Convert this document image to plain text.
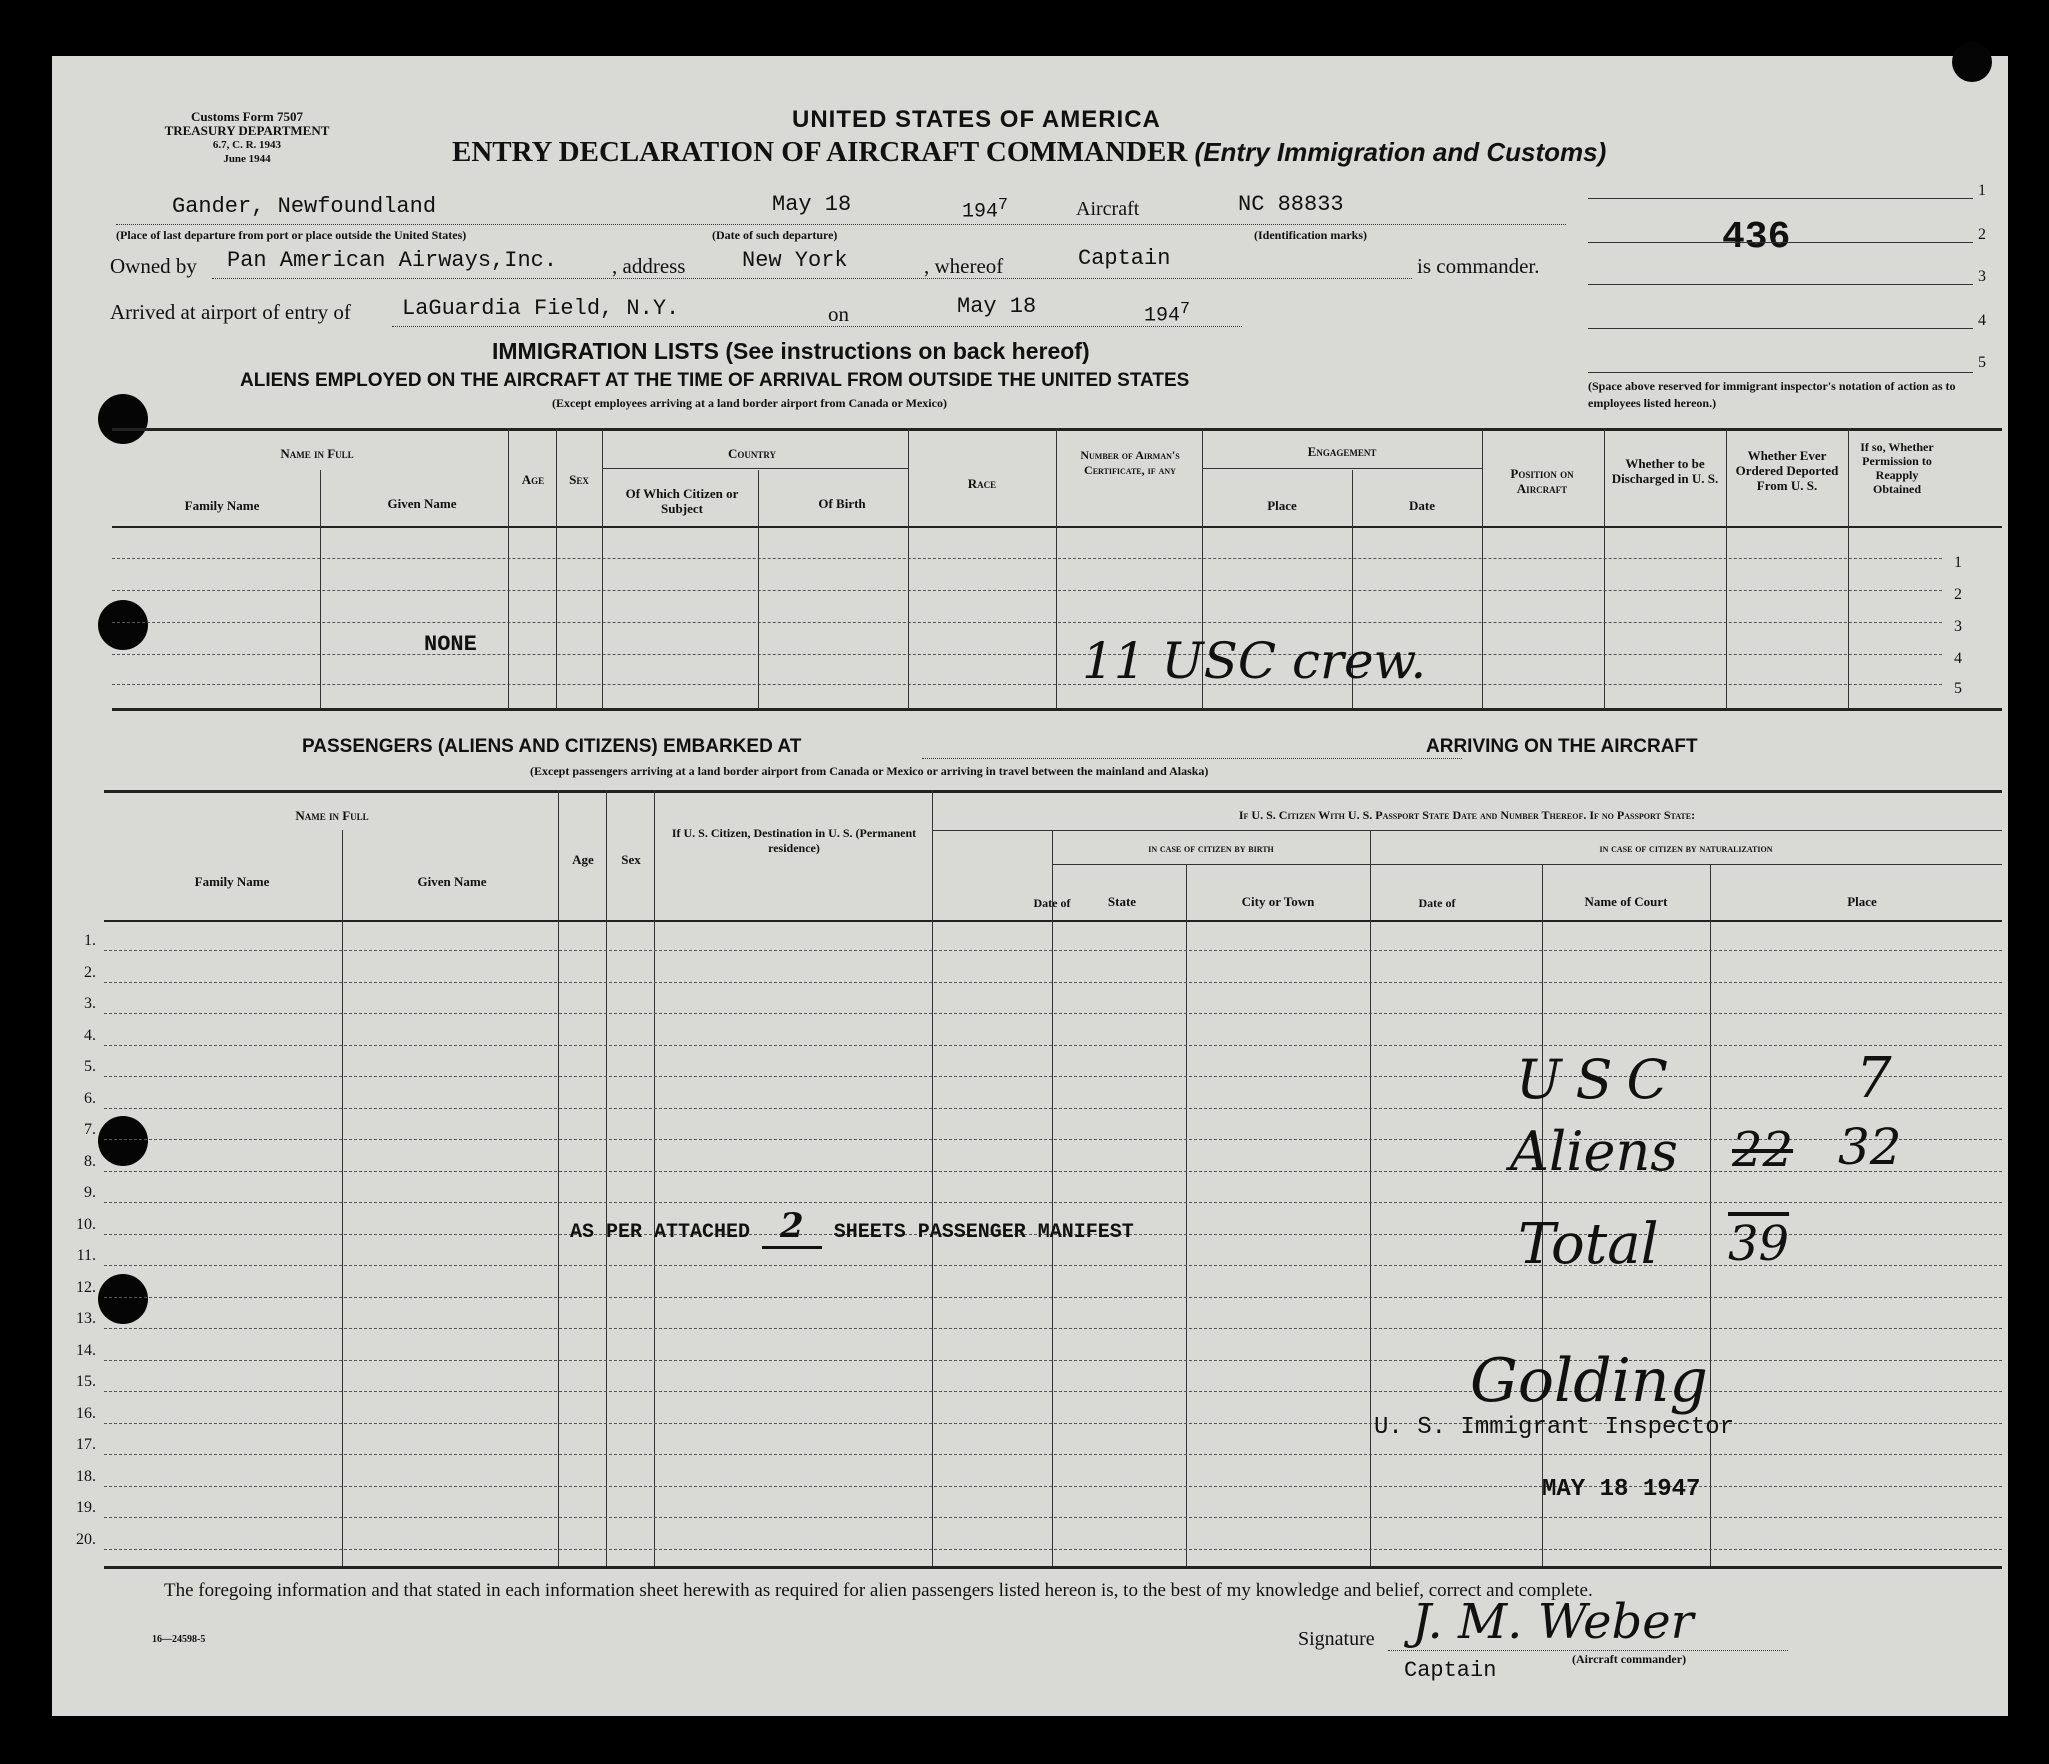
Customs Form 7507
TREASURY DEPARTMENT
6.7, C. R. 1943
June 1944
UNITED STATES OF AMERICA
ENTRY DECLARATION OF AIRCRAFT COMMANDER (Entry Immigration and Customs)
Gander, Newfoundland	May 18	$194^7$	Aircraft	NC 88833
(Place of last departure from port or place outside the United States)	(Date of such departure)	(Identification marks)
Owned by Pan American Airways,Inc.	, address	New York	, whereof	Captain	is commander.
Arrived at airport of entry of LaGuardia Field, N.Y.	on	May 18	$194^7$
436
1
2
3
4
5
(Space above reserved for immigrant inspector's notation of action as to employees listed hereon.)
IMMIGRATION LISTS (See instructions on back hereof)
ALIENS EMPLOYED ON THE AIRCRAFT AT THE TIME OF ARRIVAL FROM OUTSIDE THE UNITED STATES
(Except employees arriving at a land border airport from Canada or Mexico)
Name in Full
Family Name	Given Name
Age	Sex
Country
Of Which Citizen or Subject	Of Birth
Race
Number of Airman's Certificate, if any
Engagement
Place	Date
Position on Aircraft
Whether to be Discharged in U. S.
Whether Ever Ordered Deported From U. S.
If so, Whether Permission to Reapply Obtained
NONE	11 USC crew.
1
2
3
4
5
PASSENGERS (ALIENS AND CITIZENS) EMBARKED AT	ARRIVING ON THE AIRCRAFT
(Except passengers arriving at a land border airport from Canada or Mexico or arriving in travel between the mainland and Alaska)
Name in Full
Family Name	Given Name
Age	Sex
If U. S. Citizen, Destination in U. S. (Permanent residence)
If U. S. Citizen With U. S. Passport State Date and Number Thereof. If no Passport State:
in case of citizen by birth	in case of citizen by naturalization
Date of	State	City or Town	Date of	Name of Court	Place
1.
2.
3.
4.
5.
6.
7.
8.
9.
10.
11.
12.
13.
14.
15.
16.
17.
18.
19.
20.
AS PER ATTACHED 2 SHEETS PASSENGER MANIFEST
USC	7
Aliens 22 32
Total 39
Golding
U. S. Immigrant Inspector
MAY 18 1947
The foregoing information and that stated in each information sheet herewith as required for alien passengers listed hereon is, to the best of my knowledge and belief, correct and complete.
16—24598-5	Signature J. M. Weber
(Aircraft commander)
Captain
